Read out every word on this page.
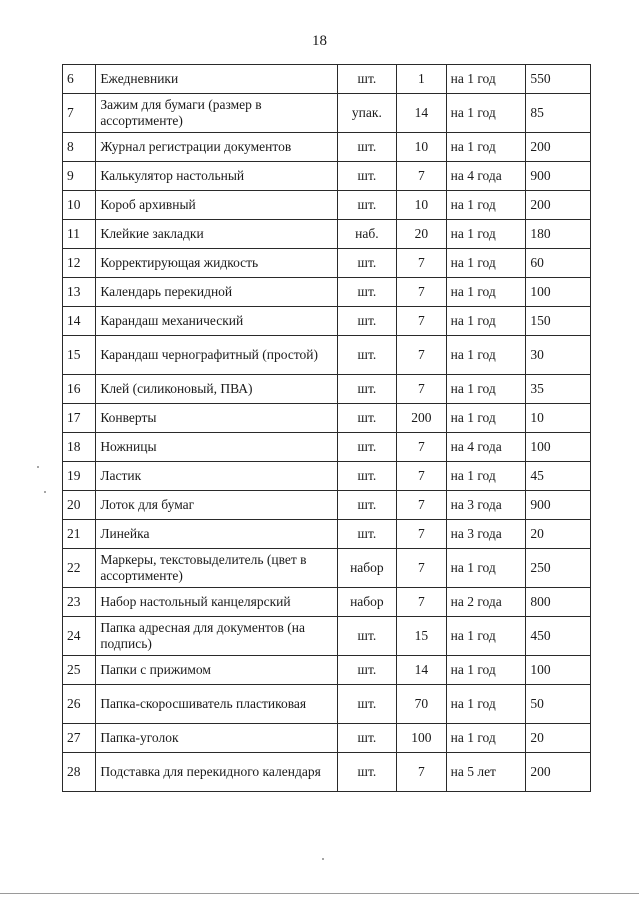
18
6	Ежедневники	шт.	1	на 1 год	550
7	Зажим для бумаги (размер в ассортименте)	упак.	14	на 1 год	85
8	Журнал регистрации документов	шт.	10	на 1 год	200
9	Калькулятор настольный	шт.	7	на 4 года	900
10	Короб архивный	шт.	10	на 1 год	200
11	Клейкие закладки	наб.	20	на 1 год	180
12	Корректирующая жидкость	шт.	7	на 1 год	60
13	Календарь перекидной	шт.	7	на 1 год	100
14	Карандаш механический	шт.	7	на 1 год	150
15	Карандаш чернографитный (простой)	шт.	7	на 1 год	30
16	Клей (силиконовый, ПВА)	шт.	7	на 1 год	35
17	Конверты	шт.	200	на 1 год	10
18	Ножницы	шт.	7	на 4 года	100
19	Ластик	шт.	7	на 1 год	45
20	Лоток для бумаг	шт.	7	на 3 года	900
21	Линейка	шт.	7	на 3 года	20
22	Маркеры, текстовыделитель (цвет в ассортименте)	набор	7	на 1 год	250
23	Набор настольный канцелярский	набор	7	на 2 года	800
24	Папка адресная для документов (на подпись)	шт.	15	на 1 год	450
25	Папки с прижимом	шт.	14	на 1 год	100
26	Папка-скоросшиватель пластиковая	шт.	70	на 1 год	50
27	Папка-уголок	шт.	100	на 1 год	20
28	Подставка для перекидного календаря	шт.	7	на 5 лет	200
